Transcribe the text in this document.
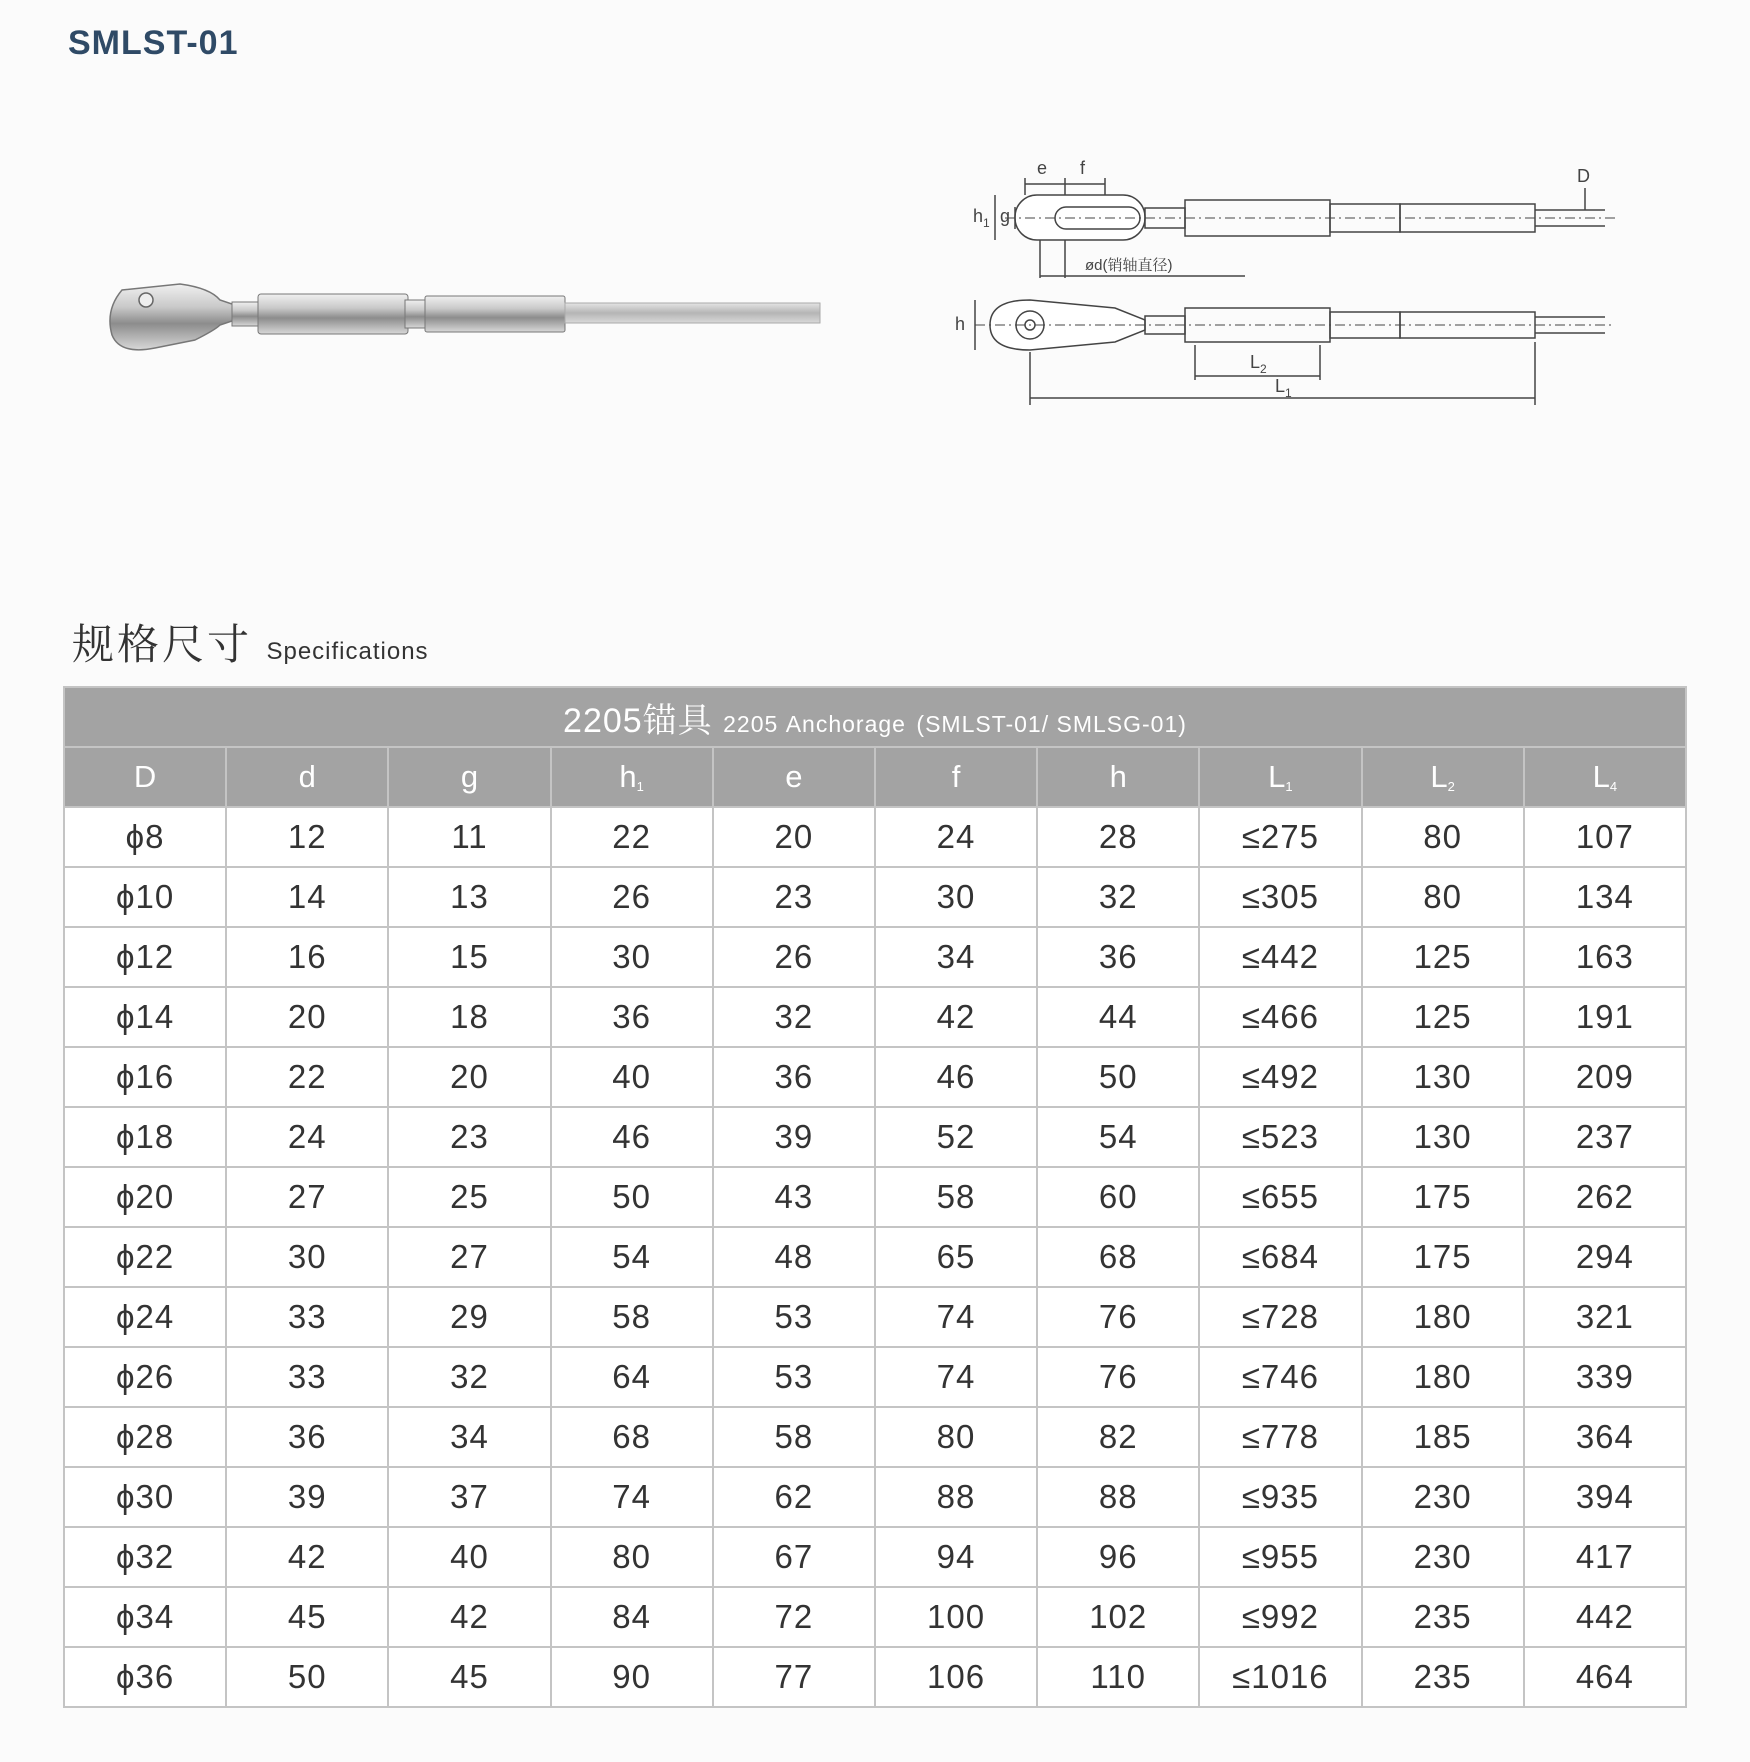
SMLST-01
e f	D
$h_1$ g
ød(销轴直径)
h
$L_2$
$L_1$
规格尺寸 Specifications
2205锚具 2205 Anchorage (SMLST-01/ SMLSG-01)									
D	d	g	$h_1$	e	f	h	$L_1$	$L_2$	$L_4$
ϕ8	12	11	22	20	24	28	≤275	80	107
ϕ10	14	13	26	23	30	32	≤305	80	134
ϕ12	16	15	30	26	34	36	≤442	125	163
ϕ14	20	18	36	32	42	44	≤466	125	191
ϕ16	22	20	40	36	46	50	≤492	130	209
ϕ18	24	23	46	39	52	54	≤523	130	237
ϕ20	27	25	50	43	58	60	≤655	175	262
ϕ22	30	27	54	48	65	68	≤684	175	294
ϕ24	33	29	58	53	74	76	≤728	180	321
ϕ26	33	32	64	53	74	76	≤746	180	339
ϕ28	36	34	68	58	80	82	≤778	185	364
ϕ30	39	37	74	62	88	88	≤935	230	394
ϕ32	42	40	80	67	94	96	≤955	230	417
ϕ34	45	42	84	72	100	102	≤992	235	442
ϕ36	50	45	90	77	106	110	≤1016	235	464
